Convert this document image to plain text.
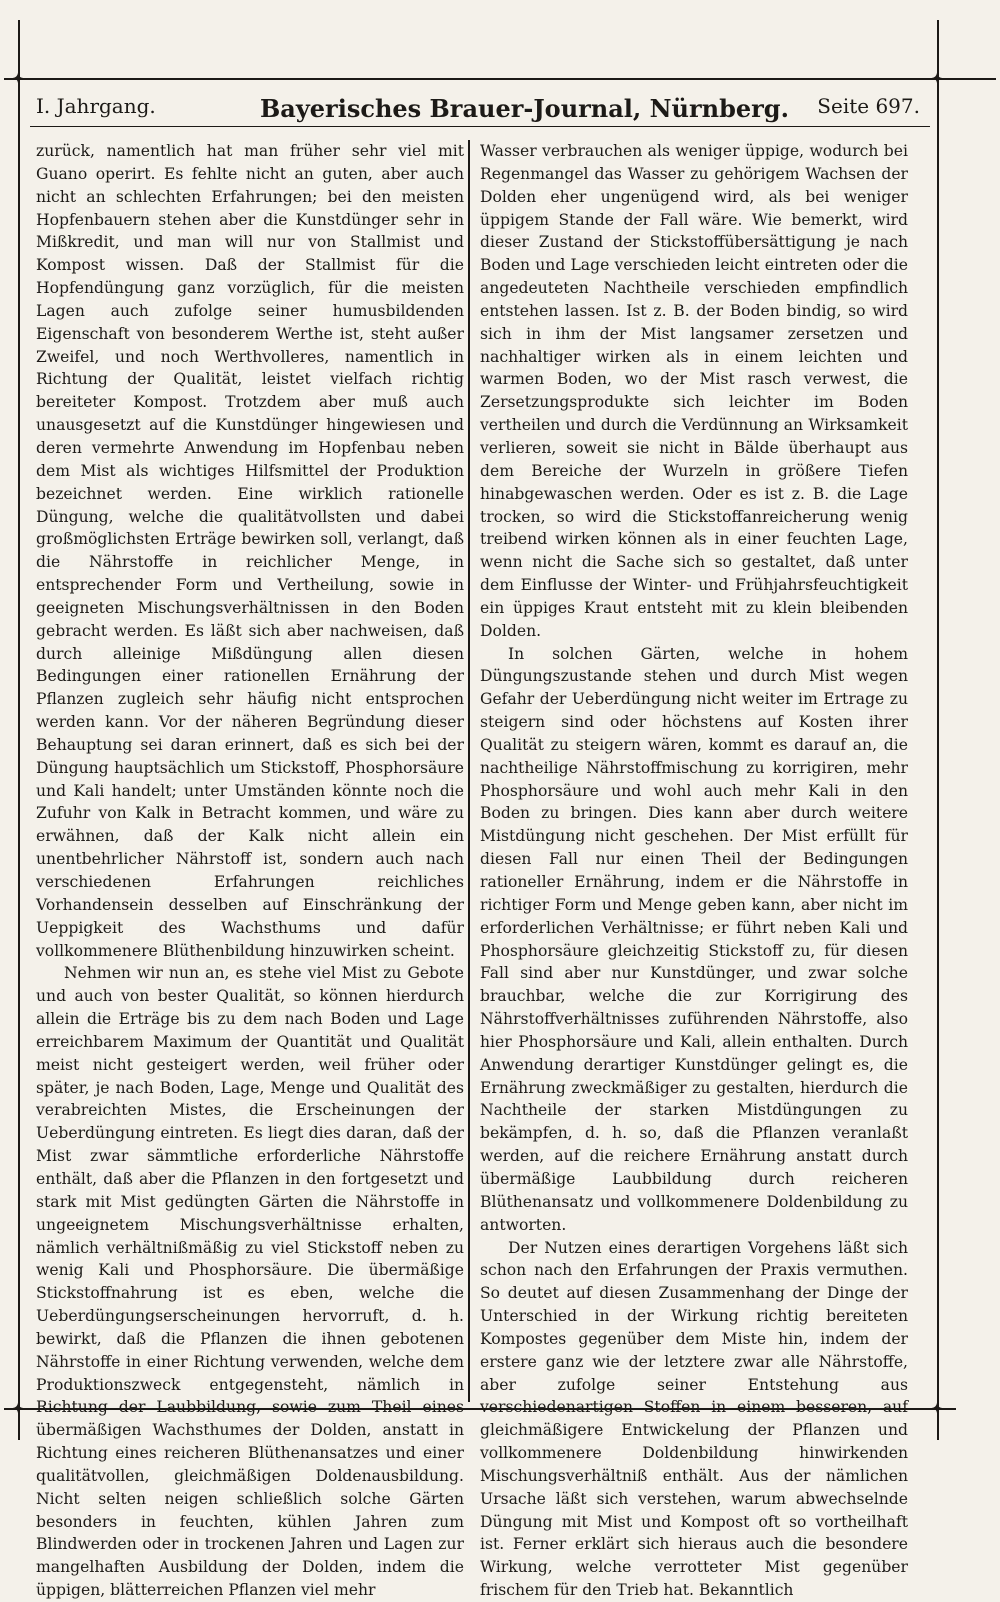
✦	✦
✦	✦
I. Jahrgang.	Bayerisches Brauer-Journal, Nürnberg. Seite 697.

zurück, namentlich hat man früher sehr viel mit Guano operirt. Es fehlte nicht an guten, aber auch nicht an schlechten Erfahrungen; bei den meisten Hopfenbauern stehen aber die Kunstdünger sehr in Mißkredit, und man will nur von Stallmist und Kompost wissen. Daß der Stallmist für die Hopfendüngung ganz vorzüglich, für die meisten Lagen auch zufolge seiner humusbildenden Eigenschaft von besonderem Werthe ist, steht außer Zweifel, und noch Werthvolleres, namentlich in Richtung der Qualität, leistet vielfach richtig bereiteter Kompost. Trotzdem aber muß auch unausgesetzt auf die Kunstdünger hingewiesen und deren vermehrte Anwendung im Hopfenbau neben dem Mist als wichtiges Hilfsmittel der Produktion bezeichnet werden. Eine wirklich rationelle Düngung, welche die qualitätvollsten und dabei großmöglichsten Erträge bewirken soll, verlangt, daß die Nährstoffe in reichlicher Menge, in entsprechender Form und Vertheilung, sowie in geeigneten Mischungsverhältnissen in den Boden gebracht werden. Es läßt sich aber nachweisen, daß durch alleinige Mißdüngung allen diesen Bedingungen einer rationellen Ernährung der Pflanzen zugleich sehr häufig nicht entsprochen werden kann. Vor der näheren Begründung dieser Behauptung sei daran erinnert, daß es sich bei der Düngung hauptsächlich um Stickstoff, Phosphorsäure und Kali handelt; unter Umständen könnte noch die Zufuhr von Kalk in Betracht kommen, und wäre zu erwähnen, daß der Kalk nicht allein ein unentbehrlicher Nährstoff ist, sondern auch nach verschiedenen Erfahrungen reichliches Vorhandensein desselben auf Einschränkung der Ueppigkeit des Wachsthums und dafür vollkommenere Blüthenbildung hinzuwirken scheint.

Nehmen wir nun an, es stehe viel Mist zu Gebote und auch von bester Qualität, so können hierdurch allein die Erträge bis zu dem nach Boden und Lage erreichbarem Maximum der Quantität und Qualität meist nicht gesteigert werden, weil früher oder später, je nach Boden, Lage, Menge und Qualität des verabreichten Mistes, die Erscheinungen der Ueberdüngung eintreten. Es liegt dies daran, daß der Mist zwar sämmtliche erforderliche Nährstoffe enthält, daß aber die Pflanzen in den fortgesetzt und stark mit Mist gedüngten Gärten die Nährstoffe in ungeeignetem Mischungsverhältnisse erhalten, nämlich verhältnißmäßig zu viel Stickstoff neben zu wenig Kali und Phosphorsäure. Die übermäßige Stickstoffnahrung ist es eben, welche die Ueberdüngungserscheinungen hervorruft, d. h. bewirkt, daß die Pflanzen die ihnen gebotenen Nährstoffe in einer Richtung verwenden, welche dem Produktionszweck entgegensteht, nämlich in Richtung der Laubbildung, sowie zum Theil eines übermäßigen Wachsthumes der Dolden, anstatt in Richtung eines reicheren Blüthenansatzes und einer qualitätvollen, gleichmäßigen Doldenausbildung. Nicht selten neigen schließlich solche Gärten besonders in feuchten, kühlen Jahren zum Blindwerden oder in trockenen Jahren und Lagen zur mangelhaften Ausbildung der Dolden, indem die üppigen, blätterreichen Pflanzen viel mehr

Wasser verbrauchen als weniger üppige, wodurch bei Regenmangel das Wasser zu gehörigem Wachsen der Dolden eher ungenügend wird, als bei weniger üppigem Stande der Fall wäre. Wie bemerkt, wird dieser Zustand der Stickstoffübersättigung je nach Boden und Lage verschieden leicht eintreten oder die angedeuteten Nachtheile verschieden empfindlich entstehen lassen. Ist z. B. der Boden bindig, so wird sich in ihm der Mist langsamer zersetzen und nachhaltiger wirken als in einem leichten und warmen Boden, wo der Mist rasch verwest, die Zersetzungsprodukte sich leichter im Boden vertheilen und durch die Verdünnung an Wirksamkeit verlieren, soweit sie nicht in Bälde überhaupt aus dem Bereiche der Wurzeln in größere Tiefen hinabgewaschen werden. Oder es ist z. B. die Lage trocken, so wird die Stickstoffanreicherung wenig treibend wirken können als in einer feuchten Lage, wenn nicht die Sache sich so gestaltet, daß unter dem Einflusse der Winter- und Frühjahrsfeuchtigkeit ein üppiges Kraut entsteht mit zu klein bleibenden Dolden.

In solchen Gärten, welche in hohem Düngungszustande stehen und durch Mist wegen Gefahr der Ueberdüngung nicht weiter im Ertrage zu steigern sind oder höchstens auf Kosten ihrer Qualität zu steigern wären, kommt es darauf an, die nachtheilige Nährstoffmischung zu korrigiren, mehr Phosphorsäure und wohl auch mehr Kali in den Boden zu bringen. Dies kann aber durch weitere Mistdüngung nicht geschehen. Der Mist erfüllt für diesen Fall nur einen Theil der Bedingungen rationeller Ernährung, indem er die Nährstoffe in richtiger Form und Menge geben kann, aber nicht im erforderlichen Verhältnisse; er führt neben Kali und Phosphorsäure gleichzeitig Stickstoff zu, für diesen Fall sind aber nur Kunstdünger, und zwar solche brauchbar, welche die zur Korrigirung des Nährstoffverhältnisses zuführenden Nährstoffe, also hier Phosphorsäure und Kali, allein enthalten. Durch Anwendung derartiger Kunstdünger gelingt es, die Ernährung zweckmäßiger zu gestalten, hierdurch die Nachtheile der starken Mistdüngungen zu bekämpfen, d. h. so, daß die Pflanzen veranlaßt werden, auf die reichere Ernährung anstatt durch übermäßige Laubbildung durch reicheren Blüthenansatz und vollkommenere Doldenbildung zu antworten.

Der Nutzen eines derartigen Vorgehens läßt sich schon nach den Erfahrungen der Praxis vermuthen. So deutet auf diesen Zusammenhang der Dinge der Unterschied in der Wirkung richtig bereiteten Kompostes gegenüber dem Miste hin, indem der erstere ganz wie der letztere zwar alle Nährstoffe, aber zufolge seiner Entstehung aus verschiedenartigen Stoffen in einem besseren, auf gleichmäßigere Entwickelung der Pflanzen und vollkommenere Doldenbildung hinwirkenden Mischungsverhältniß enthält. Aus der nämlichen Ursache läßt sich verstehen, warum abwechselnde Düngung mit Mist und Kompost oft so vortheilhaft ist. Ferner erklärt sich hieraus auch die besondere Wirkung, welche verrotteter Mist gegenüber frischem für den Trieb hat. Bekanntlich
